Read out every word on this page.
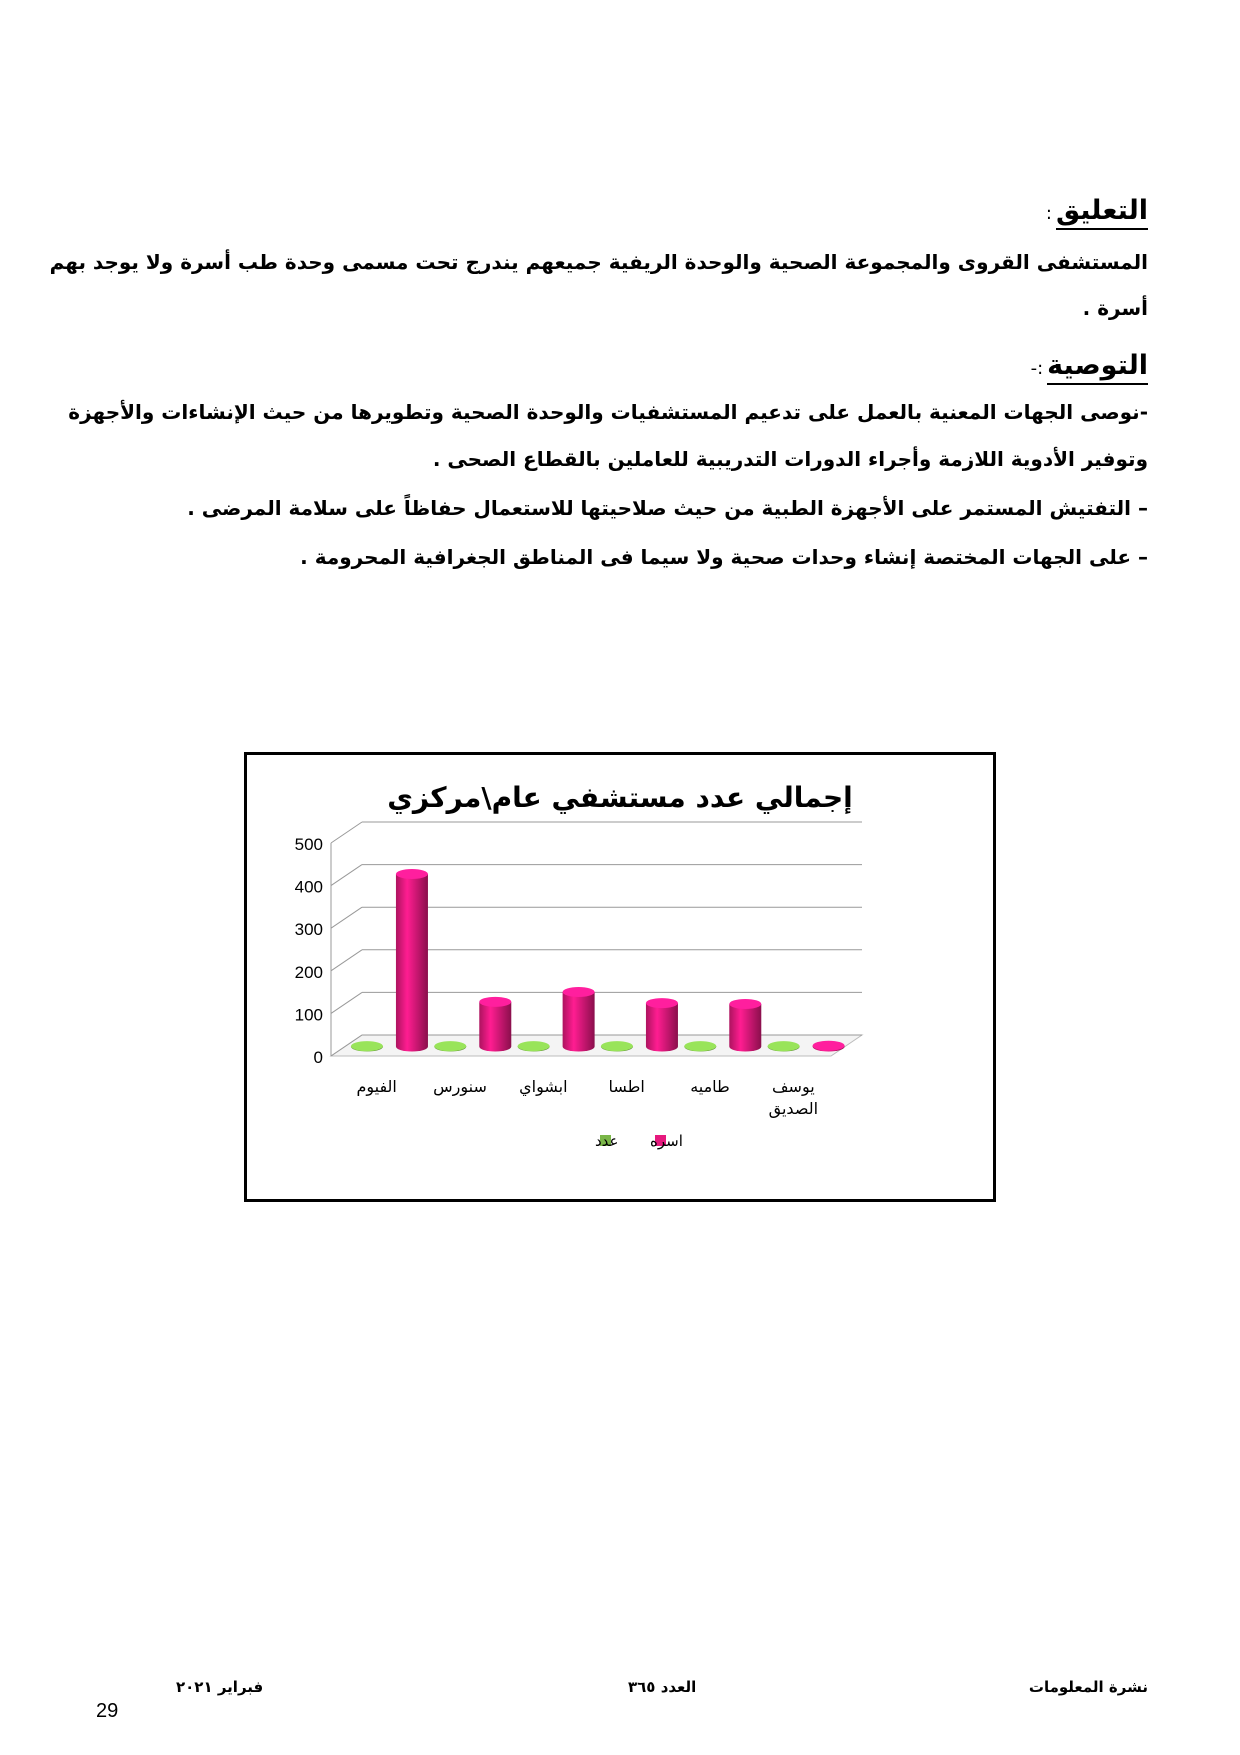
التعليق:
المستشفى القروى والمجموعة الصحية والوحدة الريفية جميعهم يندرج تحت مسمى وحدة طب أسرة ولا يوجد بهم
أسرة .
التوصية:-
-نوصى الجهات المعنية بالعمل على تدعيم المستشفيات والوحدة الصحية وتطويرها من حيث الإنشاءات والأجهزة
وتوفير الأدوية اللازمة وأجراء الدورات التدريبية للعاملين بالقطاع الصحى .
– التفتيش المستمر على الأجهزة الطبية من حيث صلاحيتها للاستعمال حفاظاً على سلامة المرضى .
– على الجهات المختصة إنشاء وحدات صحية ولا سيما فى المناطق الجغرافية المحرومة .
إجمالي عدد مستشفي عام\مركزي
0
100
200
300
400
500
الفيوم سنورس ابشواي	اطسا	طاميه	يوسف
الصديق
اسره
عدد
نشرة المعلومات
العدد ٣٦٥
فبراير ٢٠٢١
29
